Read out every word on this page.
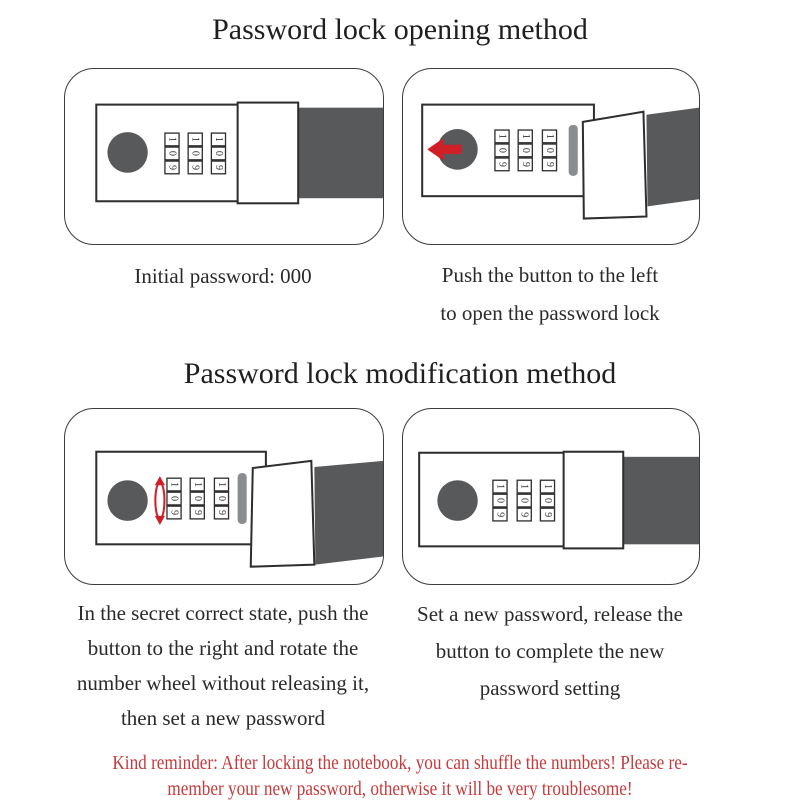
Password lock opening method
Initial password: 000	Push the button to the left
to open the password lock
Password lock modification method
In the secret correct state, push the
button to the right and rotate the
number wheel without releasing it,
then set a new password
Set a new password, release the
button to complete the new
password setting
Kind reminder: After locking the notebook, you can shuffle the numbers! Please re-
member your new password, otherwise it will be very troublesome!
